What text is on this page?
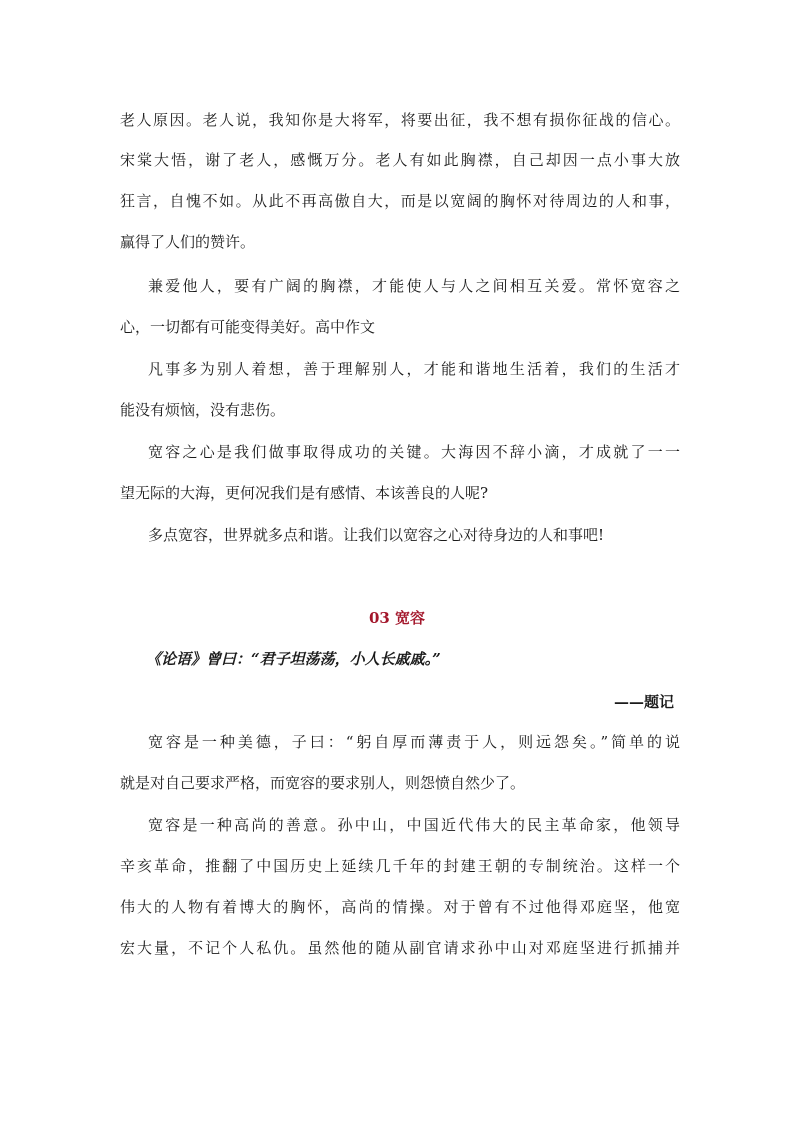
老人原因。老人说，我知你是大将军，将要出征，我不想有损你征战的信心。
宋棠大悟，谢了老人，感慨万分。老人有如此胸襟，自己却因一点小事大放
狂言，自愧不如。从此不再高傲自大，而是以宽阔的胸怀对待周边的人和事，
赢得了人们的赞许。
兼爱他人，要有广阔的胸襟，才能使人与人之间相互关爱。常怀宽容之
心，一切都有可能变得美好。高中作文
凡事多为别人着想，善于理解别人，才能和谐地生活着，我们的生活才
能没有烦恼，没有悲伤。
宽容之心是我们做事取得成功的关键。大海因不辞小滴，才成就了一一
望无际的大海，更何况我们是有感情、本该善良的人呢?
多点宽容，世界就多点和谐。让我们以宽容之心对待身边的人和事吧!
03 宽容
《论语》曾曰：“君子坦荡荡，小人长戚戚。”
——题记
宽容是一种美德，子曰：“躬自厚而薄责于人，则远怨矣。”简单的说
就是对自己要求严格，而宽容的要求别人，则怨愤自然少了。
宽容是一种高尚的善意。孙中山，中国近代伟大的民主革命家，他领导
辛亥革命，推翻了中国历史上延续几千年的封建王朝的专制统治。这样一个
伟大的人物有着博大的胸怀，高尚的情操。对于曾有不过他得邓庭坚，他宽
宏大量，不记个人私仇。虽然他的随从副官请求孙中山对邓庭坚进行抓捕并
